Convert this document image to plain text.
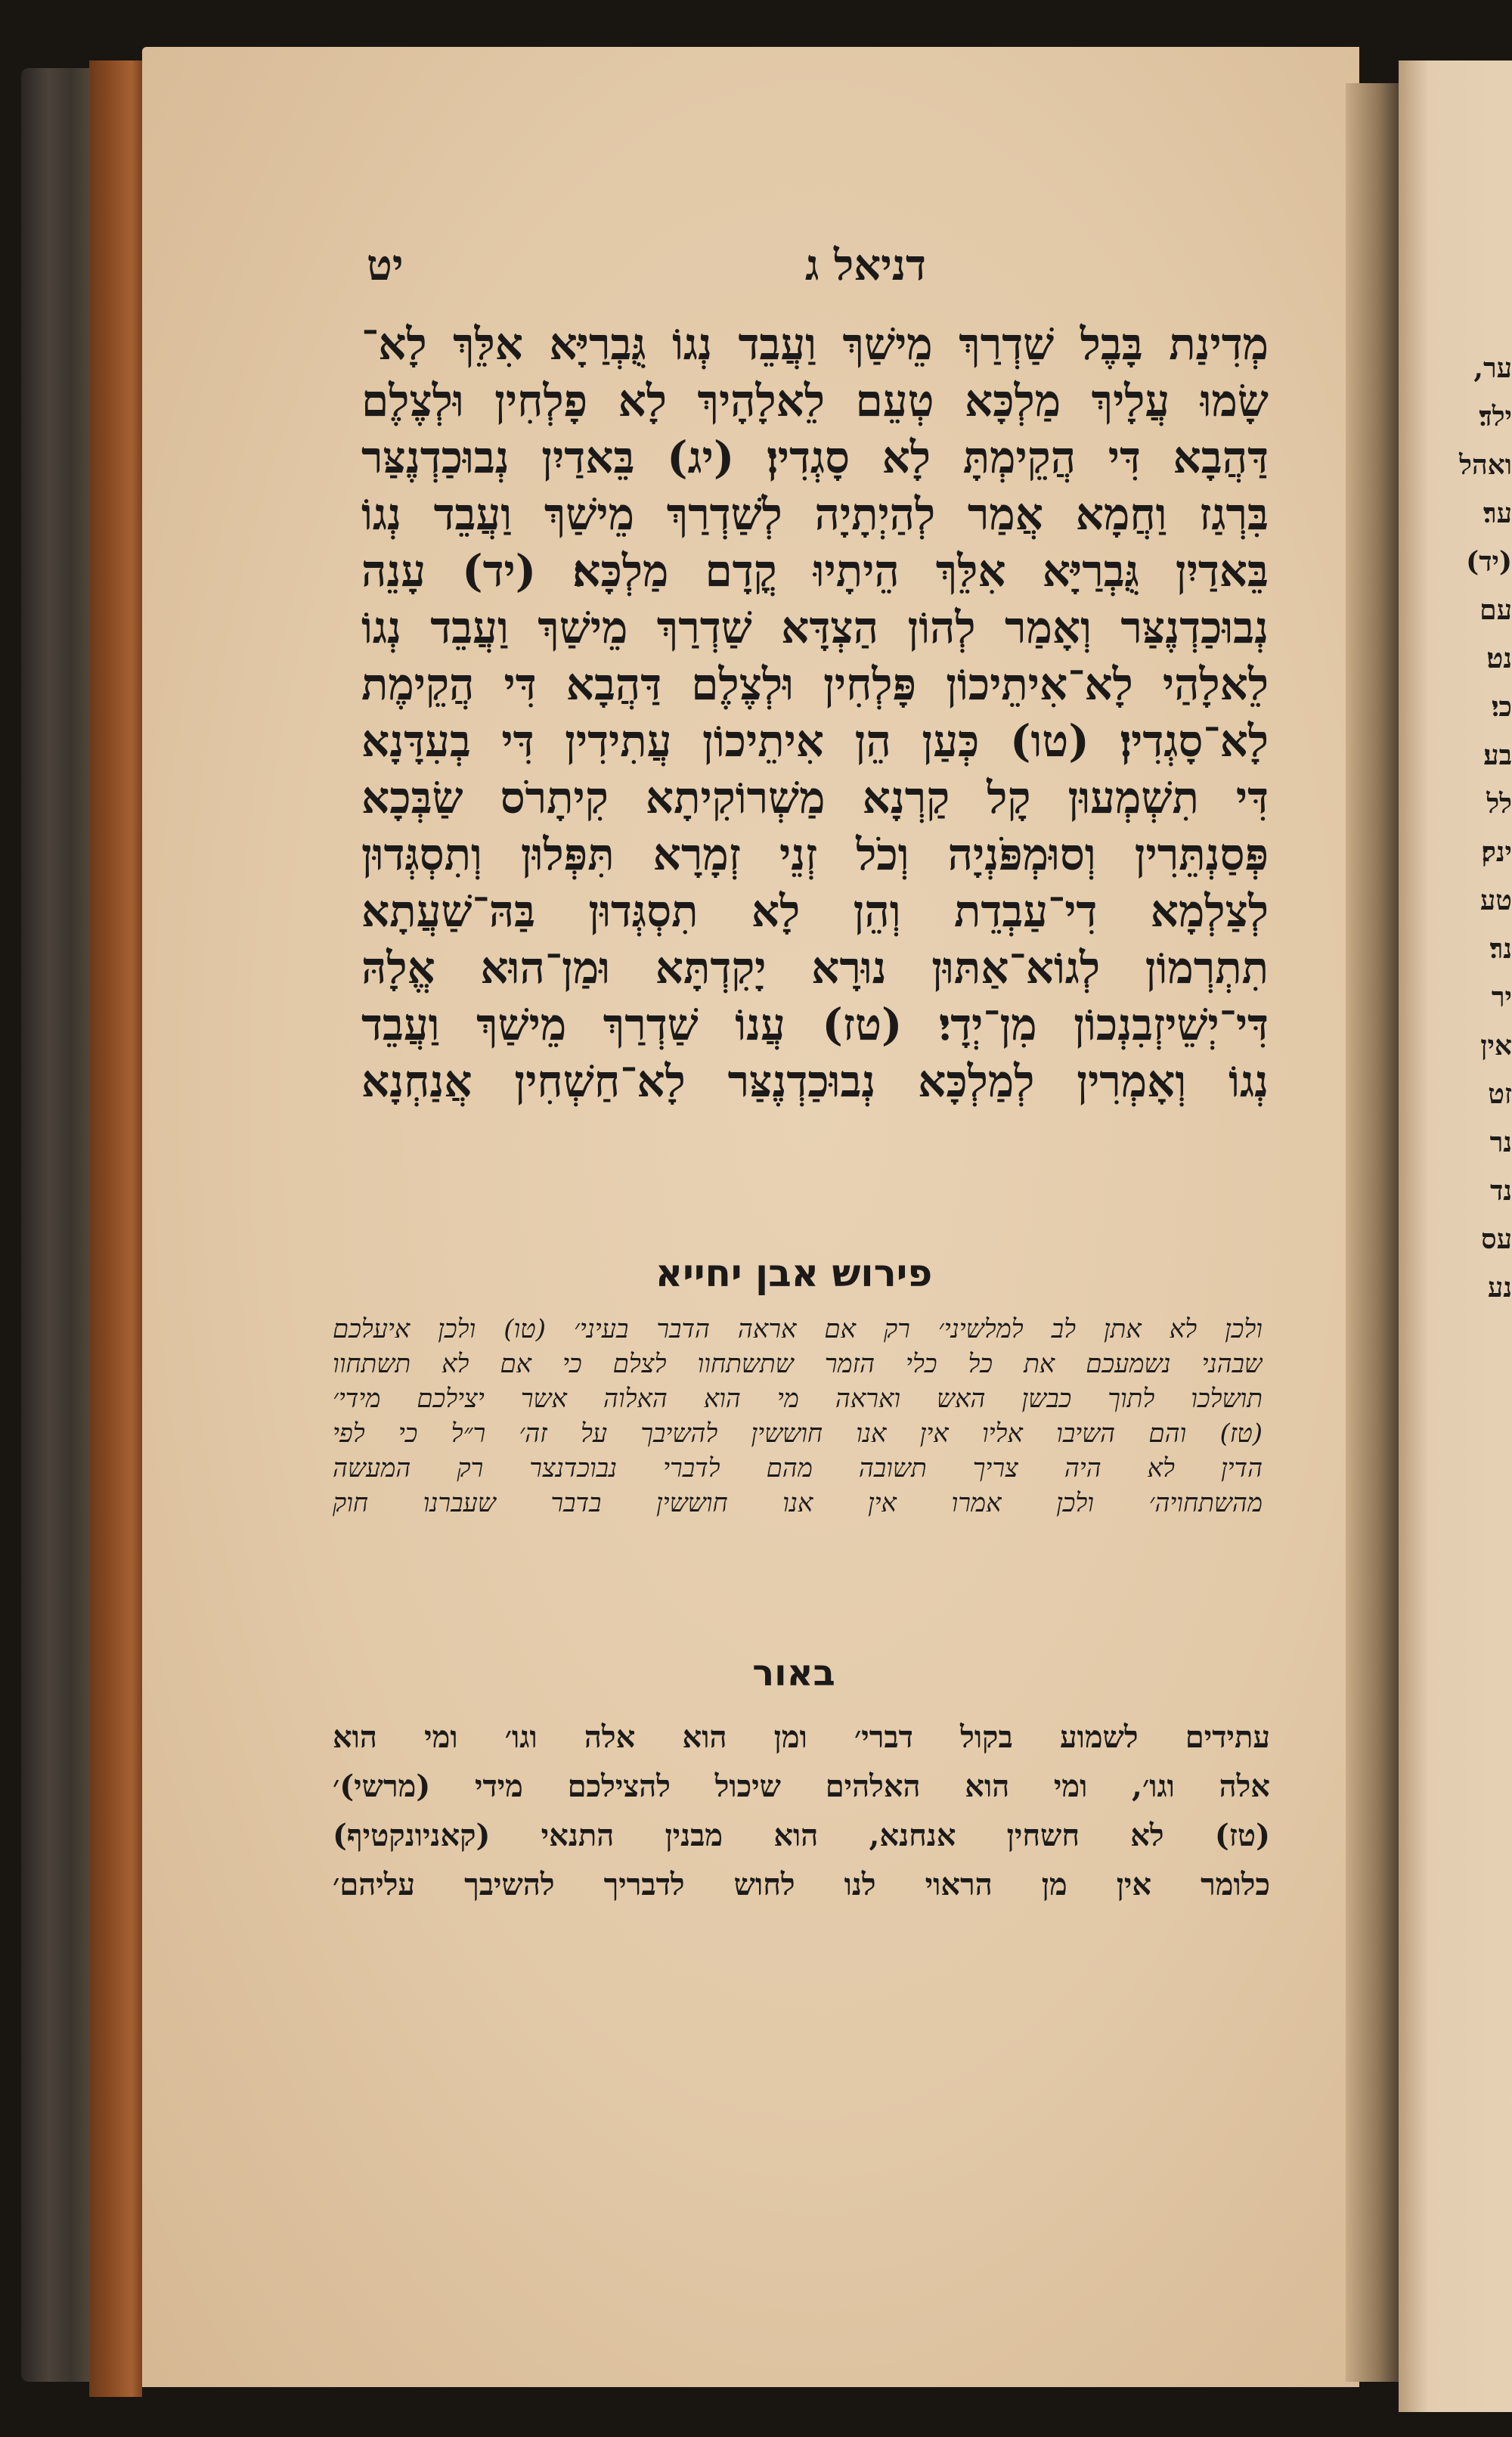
ער,
ילד׃
ואהל
ער׃
(יד)
עם
נט׃
כי׃
בע׃
לל
ינק׃
טע
נר׃
יר
אין
זט
נר
נד
עס
נע
דניאל ג
יט
מְדִינַת בָּבֶל שַׁדְרַךְ מֵישַׁךְ וַעֲבֵד נְגוֹ גֻּבְרַיָּא אִלֵּךְ לָא־
שָׂמוּ עֲלָיךְ מַלְכָּא טְעֵם לֵאלָהָיךְ לָא פָלְחִין וּלְצֶלֶם
דַּהֲבָא דִּי הֲקֵימְתָּ לָא סָגְדִין׃ (יג) בֵּאדַיִן נְבוּכַדְנֶצַּר
בִּרְגַז וַחֲמָא אֲמַר לְהַיְתָיָה לְשַׁדְרַךְ מֵישַׁךְ וַעֲבֵד נְגוֹ
בֵּאדַיִן גֻּבְרַיָּא אִלֵּךְ הֵיתָיוּ קֳדָם מַלְכָּא׃ (יד) עָנֵה
נְבוּכַדְנֶצַּר וְאָמַר לְהוֹן הַצְדָּא שַׁדְרַךְ מֵישַׁךְ וַעֲבֵד נְגוֹ
לֵאלָהַי לָא־אִיתֵיכוֹן פָּלְחִין וּלְצֶלֶם דַּהֲבָא דִּי הֲקֵימֶת
לָא־סָגְדִין׃ (טו) כְּעַן הֵן אִיתֵיכוֹן עֲתִידִין דִּי בְעִדָּנָא
דִּי תִשְׁמְעוּן קָל קַרְנָא מַשְׁרוֹקִיתָא קִיתָרֹס שַׂבְּכָא
פְּסַנְתֵּרִין וְסוּמְפֹּנְיָה וְכֹל זְנֵי זְמָרָא תִּפְּלוּן וְתִסְגְּדוּן
לְצַלְמָא דִי־עַבְדֵת וְהֵן לָא תִסְגְּדוּן בַּהּ־שַׁעֲתָא
תִתְרְמוֹן לְגוֹא־אַתּוּן נוּרָא יָקִדְתָּא וּמַן־הוּא אֱלָהּ
דִּי־יְשֵׁיזְבִנְכוֹן מִן־יְדָי׃ (טז) עֲנוֹ שַׁדְרַךְ מֵישַׁךְ וַעֲבֵד
נְגוֹ וְאָמְרִין לְמַלְכָּא נְבוּכַדְנֶצַּר לָא־חַשְׁחִין אֲנַחְנָא
פירוש אבן יחייא
ולכן לא אתן לב למלשיני׳ רק אם אראה הדבר בעיני׳ (טו) ולכן איעלכם
שבהני נשמעכם את כל כלי הזמר שתשתחוו לצלם כי אם לא תשתחוו
תושלכו לתוך כבשן האש ואראה מי הוא האלוה אשר יצילכם מידי׳
(טז) והם השיבו אליו אין אנו חוששין להשיבך על זה׳ ר״ל כי לפי
הדין לא היה צריך תשובה מהם לדברי נבוכדנצר רק המעשה
מהשתחויה׳ ולכן אמרו אין אנו חוששין בדבר שעברנו חוק
באור
עתידים לשמוע בקול דברי׳ ומן הוא אלה וגו׳ ומי הוא
אלה וגו׳, ומי הוא האלהים שיכול להצילכם מידי (מרשי)׳
(טז) לא חשחין אנחנא, הוא מבנין התנאי (קאניונקטיף)
כלומר אין מן הראוי לנו לחוש לדבריך להשיבך עליהם׳
